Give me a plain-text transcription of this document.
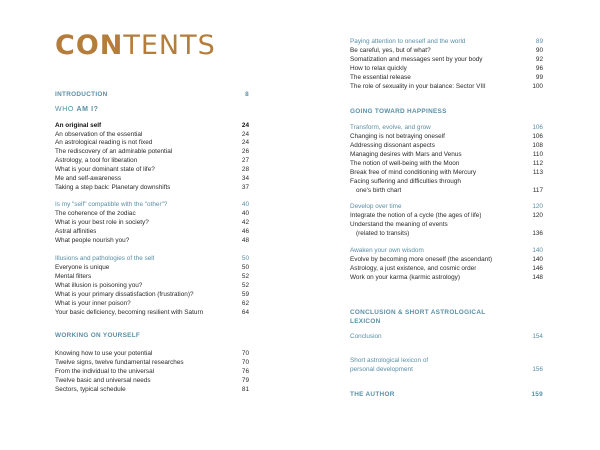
CONTENTS
INTRODUCTION	8
WHO AM I?
An original self	24
An observation of the essential	24
An astrological reading is not fixed	24
The rediscovery of an admirable potential	26
Astrology, a tool for liberation	27
What is your dominant state of life?	28
Me and self-awareness	34
Taking a step back: Planetary downshifts	37
Is my "self" compatible with the "other"?	40
The coherence of the zodiac	40
What is your best role in society?	42
Astral affinities	46
What people nourish you?	48
Illusions and pathologies of the self	50
Everyone is unique	50
Mental filters	52
What illusion is poisoning you?	52
What is your primary dissatisfaction (frustration)?	59
What is your inner poison?	62
Your basic deficiency, becoming resilient with Saturn	64
WORKING ON YOURSELF
Knowing how to use your potential	70
Twelve signs, twelve fundamental researches	70
From the individual to the universal	76
Twelve basic and universal needs	79
Sectors, typical schedule	81
Paying attention to oneself and the world	89
Be careful, yes, but of what?	90
Somatization and messages sent by your body	92
How to relax quickly	96
The essential release	99
The role of sexuality in your balance: Sector VIII	100
GOING TOWARD HAPPINESS
Transform, evolve, and grow	106
Changing is not betraying oneself	106
Addressing dissonant aspects	108
Managing desires with Mars and Venus	110
The notion of well-being with the Moon	112
Break free of mind conditioning with Mercury	113
Facing suffering and difficulties through
one's birth chart	117
Develop over time	120
Integrate the notion of a cycle (the ages of life)	120
Understand the meaning of events
(related to transits)	136
Awaken your own wisdom	140
Evolve by becoming more oneself (the ascendant)	140
Astrology, a just existence, and cosmic order	146
Work on your karma (karmic astrology)	148
CONCLUSION & SHORT ASTROLOGICAL
LEXICON
Conclusion	154
Short astrological lexicon of
personal development	156
THE AUTHOR	159
